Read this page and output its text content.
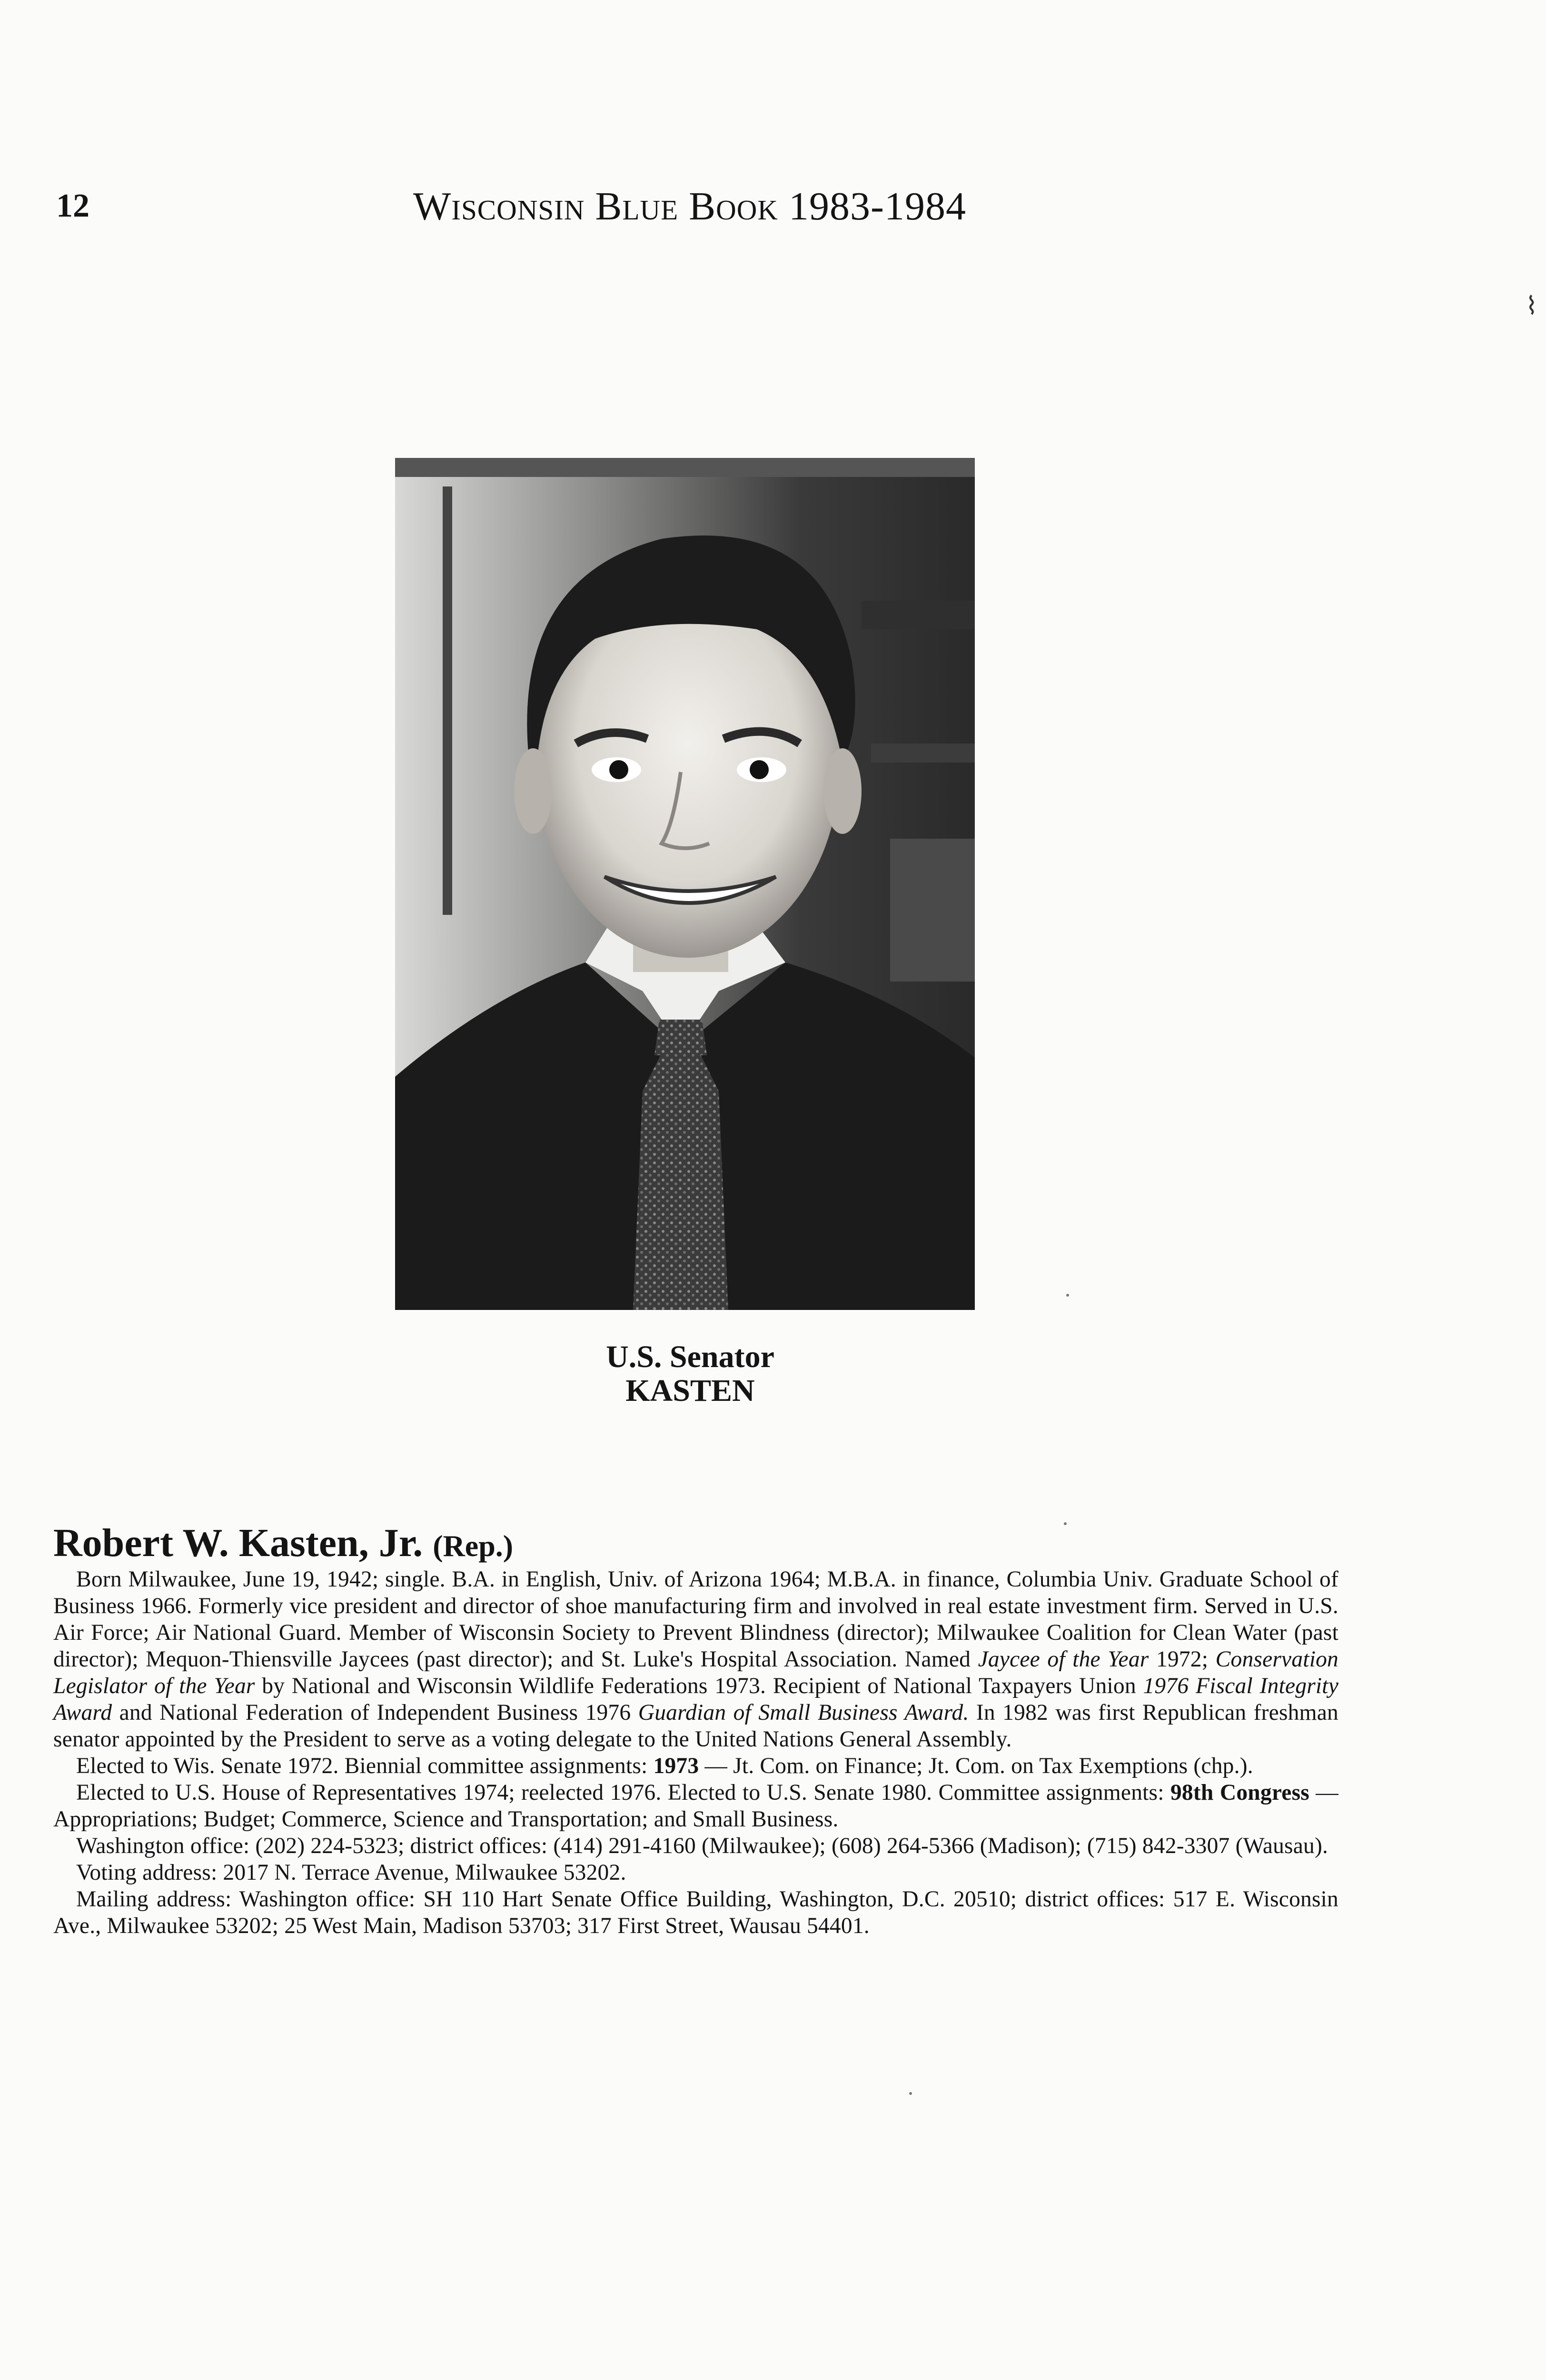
12	Wisconsin Blue Book 1983-1984
⌇
U.S. Senator
KASTEN
Robert W. Kasten, Jr. (Rep.)

Born Milwaukee, June 19, 1942; single. B.A. in English, Univ. of Arizona 1964; M.B.A. in finance, Columbia Univ. Graduate School of Business 1966. Formerly vice president and director of shoe manufacturing firm and involved in real estate investment firm. Served in U.S. Air Force; Air National Guard. Member of Wisconsin Society to Prevent Blindness (director); Milwaukee Coalition for Clean Water (past director); Mequon-Thiensville Jaycees (past director); and St. Luke's Hospital Association. Named Jaycee of the Year 1972; Conservation Legislator of the Year by National and Wisconsin Wildlife Federations 1973. Recipient of National Taxpayers Union 1976 Fiscal Integrity Award and National Federation of Independent Business 1976 Guardian of Small Business Award. In 1982 was first Republican freshman senator appointed by the President to serve as a voting delegate to the United Nations General Assembly.

Elected to Wis. Senate 1972. Biennial committee assignments: 1973 — Jt. Com. on Finance; Jt. Com. on Tax Exemptions (chp.).

Elected to U.S. House of Representatives 1974; reelected 1976. Elected to U.S. Senate 1980. Committee assignments: 98th Congress — Appropriations; Budget; Commerce, Science and Transportation; and Small Business.

Washington office: (202) 224-5323; district offices: (414) 291-4160 (Milwaukee); (608) 264-5366 (Madison); (715) 842-3307 (Wausau).

Voting address: 2017 N. Terrace Avenue, Milwaukee 53202.

Mailing address: Washington office: SH 110 Hart Senate Office Building, Washington, D.C. 20510; district offices: 517 E. Wisconsin Ave., Milwaukee 53202; 25 West Main, Madison 53703; 317 First Street, Wausau 54401.
